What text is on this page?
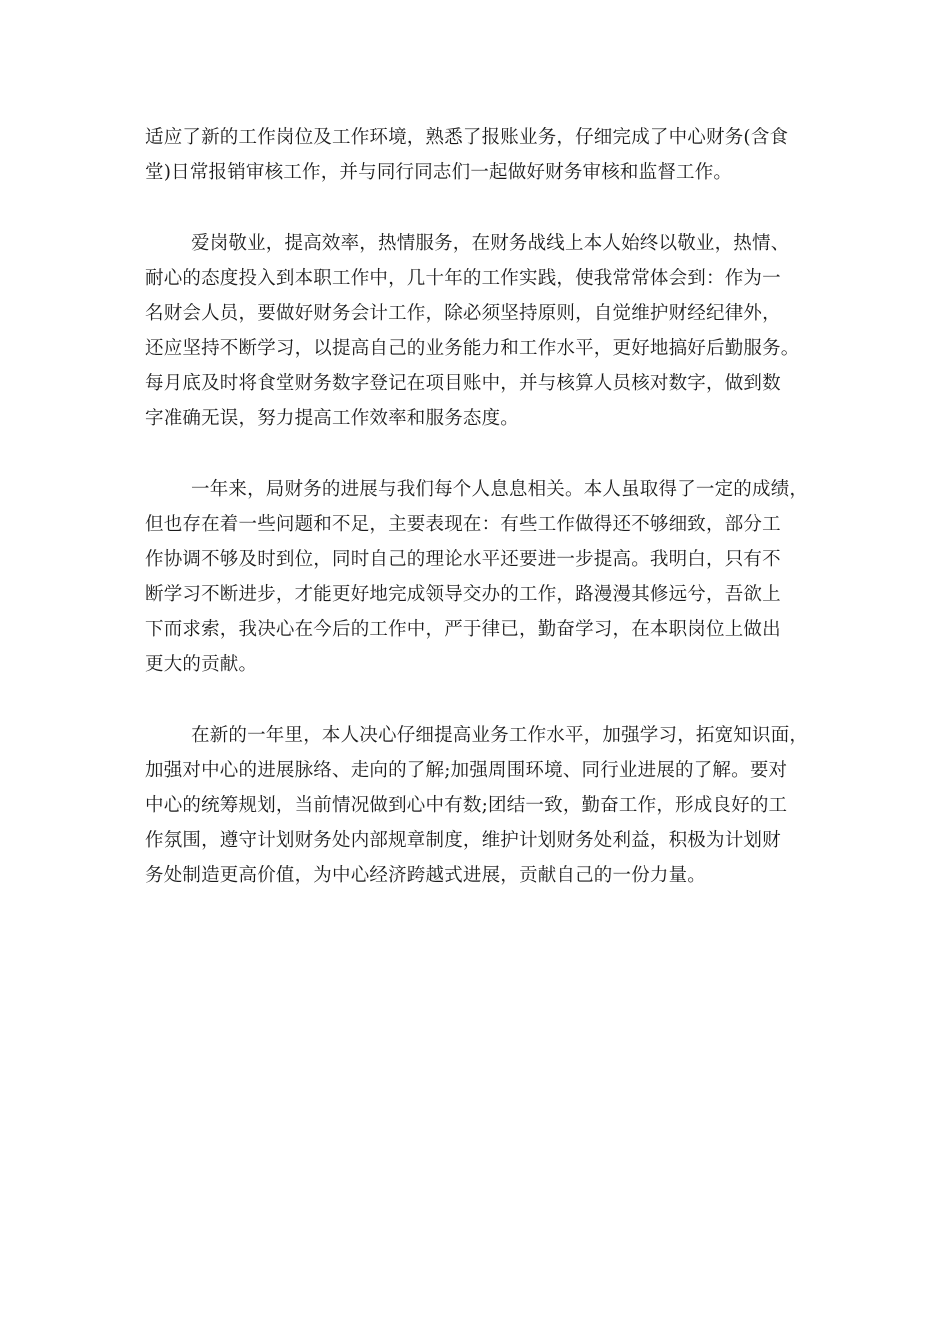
适应了新的工作岗位及工作环境，熟悉了报账业务，仔细完成了中心财务(含食
堂)日常报销审核工作，并与同行同志们一起做好财务审核和监督工作。
爱岗敬业，提高效率，热情服务，在财务战线上本人始终以敬业，热情、
耐心的态度投入到本职工作中，几十年的工作实践，使我常常体会到：作为一
名财会人员，要做好财务会计工作，除必须坚持原则，自觉维护财经纪律外，
还应坚持不断学习，以提高自己的业务能力和工作水平，更好地搞好后勤服务。
每月底及时将食堂财务数字登记在项目账中，并与核算人员核对数字，做到数
字准确无误，努力提高工作效率和服务态度。
一年来，局财务的进展与我们每个人息息相关。本人虽取得了一定的成绩，
但也存在着一些问题和不足，主要表现在：有些工作做得还不够细致，部分工
作协调不够及时到位，同时自己的理论水平还要进一步提高。我明白，只有不
断学习不断进步，才能更好地完成领导交办的工作，路漫漫其修远兮，吾欲上
下而求索，我决心在今后的工作中，严于律已，勤奋学习，在本职岗位上做出
更大的贡献。
在新的一年里，本人决心仔细提高业务工作水平，加强学习，拓宽知识面，
加强对中心的进展脉络、走向的了解;加强周围环境、同行业进展的了解。要对
中心的统筹规划，当前情况做到心中有数;团结一致，勤奋工作，形成良好的工
作氛围，遵守计划财务处内部规章制度，维护计划财务处利益，积极为计划财
务处制造更高价值，为中心经济跨越式进展，贡献自己的一份力量。
